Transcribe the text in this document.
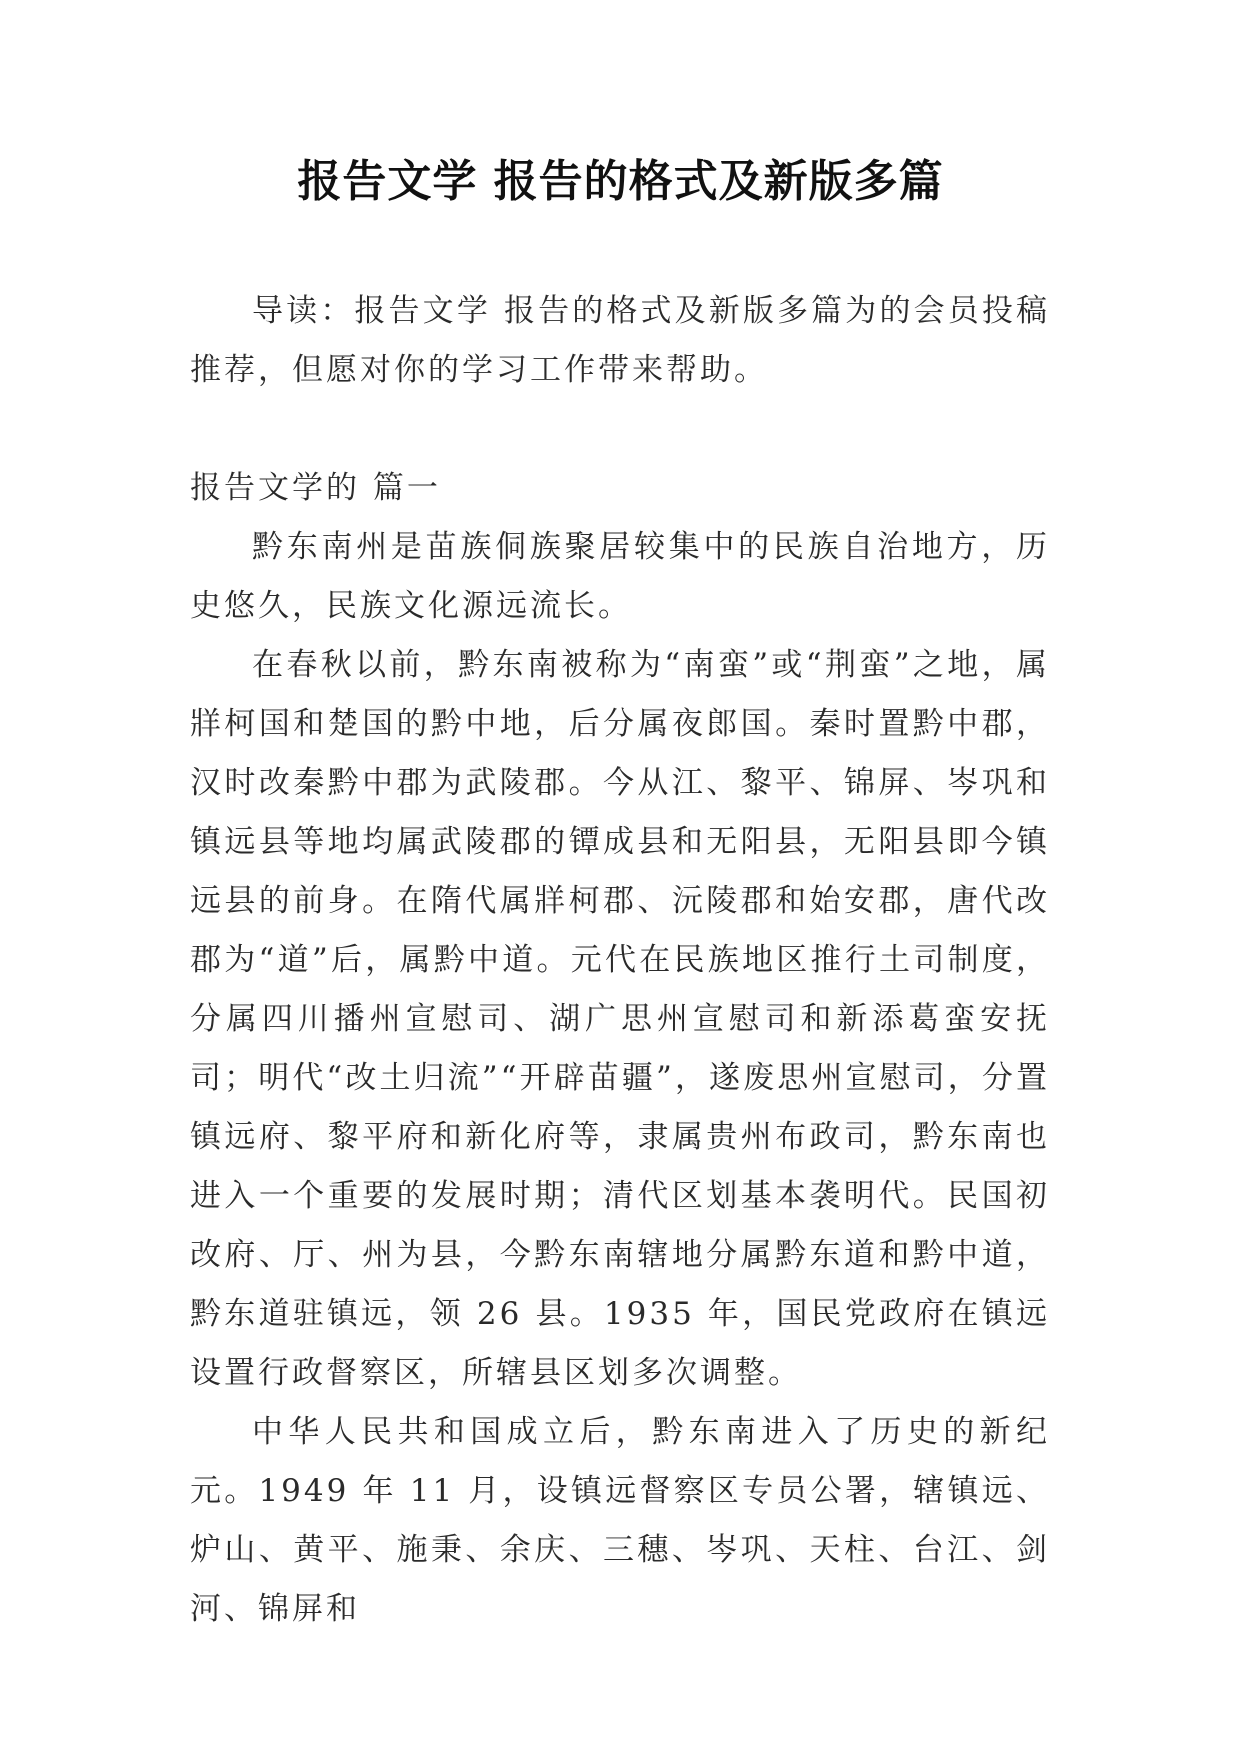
报告文学 报告的格式及新版多篇

导读：报告文学 报告的格式及新版多篇为的会员投稿推荐，但愿对你的学习工作带来帮助。

报告文学的 篇一

黔东南州是苗族侗族聚居较集中的民族自治地方，历史悠久，民族文化源远流长。

在春秋以前，黔东南被称为“南蛮”或“荆蛮”之地，属牂柯国和楚国的黔中地，后分属夜郎国。秦时置黔中郡，汉时改秦黔中郡为武陵郡。今从江、黎平、锦屏、岑巩和镇远县等地均属武陵郡的镡成县和无阳县，无阳县即今镇远县的前身。在隋代属牂柯郡、沅陵郡和始安郡，唐代改郡为“道”后，属黔中道。元代在民族地区推行土司制度，分属四川播州宣慰司、湖广思州宣慰司和新添葛蛮安抚司；明代“改土归流”“开辟苗疆”，遂废思州宣慰司，分置镇远府、黎平府和新化府等，隶属贵州布政司，黔东南也进入一个重要的发展时期；清代区划基本袭明代。民国初改府、厅、州为县，今黔东南辖地分属黔东道和黔中道，黔东道驻镇远，领 26 县。1935 年，国民党政府在镇远设置行政督察区，所辖县区划多次调整。

中华人民共和国成立后，黔东南进入了历史的新纪元。1949 年 11 月，设镇远督察区专员公署，辖镇远、炉山、黄平、施秉、余庆、三穗、岑巩、天柱、台江、剑河、锦屏和
